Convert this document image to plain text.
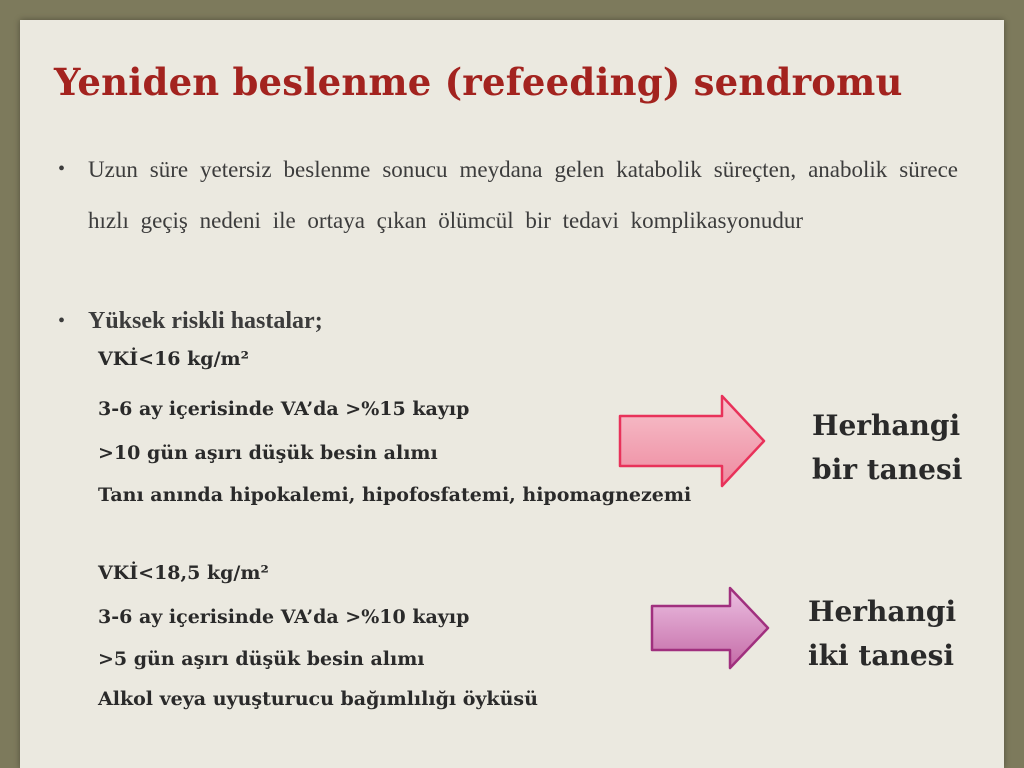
Yeniden beslenme (refeeding) sendromu
• Uzun süre yetersiz beslenme sonucu meydana gelen katabolik süreçten, anabolik sürece hızlı geçiş nedeni ile ortaya çıkan ölümcül bir tedavi komplikasyonudur
• Yüksek riskli hastalar;
VKİ<16 kg/m²
3-6 ay içerisinde VA’da >%15 kayıp
>10 gün aşırı düşük besin alımı
Tanı anında hipokalemi, hipofosfatemi, hipomagnezemi
Herhangi
bir tanesi
VKİ<18,5 kg/m²
3-6 ay içerisinde VA’da >%10 kayıp
>5 gün aşırı düşük besin alımı
Alkol veya uyuşturucu bağımlılığı öyküsü
Herhangi
iki tanesi
